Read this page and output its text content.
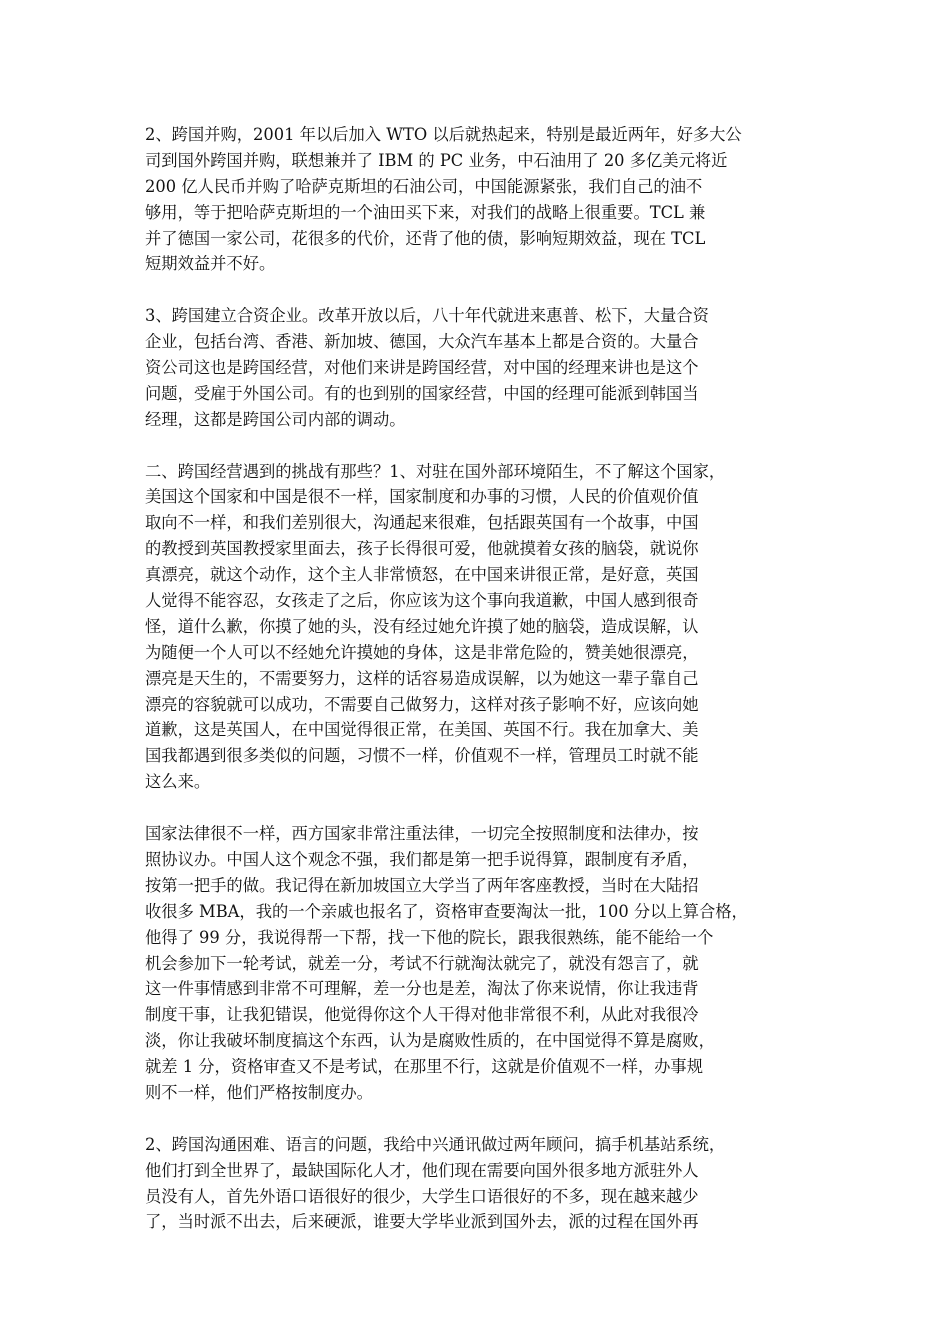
2、跨国并购，2001 年以后加入 WTO 以后就热起来，特别是最近两年，好多大公
司到国外跨国并购，联想兼并了 IBM 的 PC 业务，中石油用了 20 多亿美元将近
200 亿人民币并购了哈萨克斯坦的石油公司，中国能源紧张，我们自己的油不
够用，等于把哈萨克斯坦的一个油田买下来，对我们的战略上很重要。TCL 兼
并了德国一家公司，花很多的代价，还背了他的债，影响短期效益，现在 TCL
短期效益并不好。
3、跨国建立合资企业。改革开放以后，八十年代就进来惠普、松下，大量合资
企业，包括台湾、香港、新加坡、德国，大众汽车基本上都是合资的。大量合
资公司这也是跨国经营，对他们来讲是跨国经营，对中国的经理来讲也是这个
问题，受雇于外国公司。有的也到别的国家经营，中国的经理可能派到韩国当
经理，这都是跨国公司内部的调动。
二、跨国经营遇到的挑战有那些？1、对驻在国外部环境陌生，不了解这个国家，
美国这个国家和中国是很不一样，国家制度和办事的习惯，人民的价值观价值
取向不一样，和我们差别很大，沟通起来很难，包括跟英国有一个故事，中国
的教授到英国教授家里面去，孩子长得很可爱，他就摸着女孩的脑袋，就说你
真漂亮，就这个动作，这个主人非常愤怒，在中国来讲很正常，是好意，英国
人觉得不能容忍，女孩走了之后，你应该为这个事向我道歉，中国人感到很奇
怪，道什么歉，你摸了她的头，没有经过她允许摸了她的脑袋，造成误解，认
为随便一个人可以不经她允许摸她的身体，这是非常危险的，赞美她很漂亮，
漂亮是天生的，不需要努力，这样的话容易造成误解，以为她这一辈子靠自己
漂亮的容貌就可以成功，不需要自己做努力，这样对孩子影响不好，应该向她
道歉，这是英国人，在中国觉得很正常，在美国、英国不行。我在加拿大、美
国我都遇到很多类似的问题，习惯不一样，价值观不一样，管理员工时就不能
这么来。
国家法律很不一样，西方国家非常注重法律，一切完全按照制度和法律办，按
照协议办。中国人这个观念不强，我们都是第一把手说得算，跟制度有矛盾，
按第一把手的做。我记得在新加坡国立大学当了两年客座教授，当时在大陆招
收很多 MBA，我的一个亲戚也报名了，资格审查要淘汰一批，100 分以上算合格，
他得了 99 分，我说得帮一下帮，找一下他的院长，跟我很熟练，能不能给一个
机会参加下一轮考试，就差一分，考试不行就淘汰就完了，就没有怨言了，就
这一件事情感到非常不可理解，差一分也是差，淘汰了你来说情，你让我违背
制度干事，让我犯错误，他觉得你这个人干得对他非常很不利，从此对我很冷
淡，你让我破坏制度搞这个东西，认为是腐败性质的，在中国觉得不算是腐败，
就差 1 分，资格审查又不是考试，在那里不行，这就是价值观不一样，办事规
则不一样，他们严格按制度办。
2、跨国沟通困难、语言的问题，我给中兴通讯做过两年顾问，搞手机基站系统，
他们打到全世界了，最缺国际化人才，他们现在需要向国外很多地方派驻外人
员没有人，首先外语口语很好的很少，大学生口语很好的不多，现在越来越少
了，当时派不出去，后来硬派，谁要大学毕业派到国外去，派的过程在国外再
